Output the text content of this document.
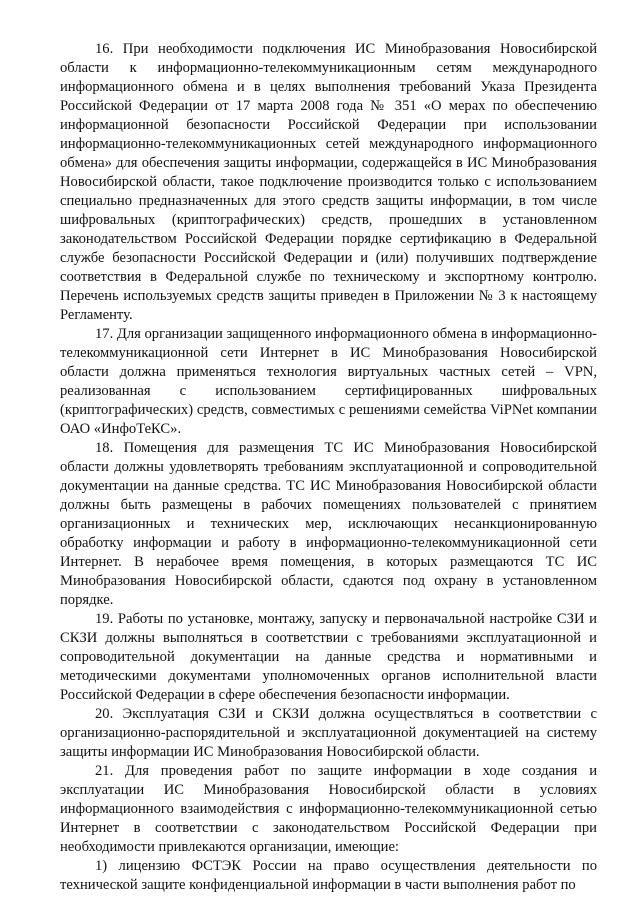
16. При необходимости подключения ИС Минобразования Новосибирской области к информационно-телекоммуникационным сетям международного информационного обмена и в целях выполнения требований Указа Президента Российской Федерации от 17 марта 2008 года № 351 «О мерах по обеспечению информационной безопасности Российской Федерации при использовании информационно-телекоммуникационных сетей международного информационного обмена» для обеспечения защиты информации, содержащейся в ИС Минобразования Новосибирской области, такое подключение производится только с использованием специально предназначенных для этого средств защиты информации, в том числе шифровальных (криптографических) средств, прошедших в установленном законодательством Российской Федерации порядке сертификацию в Федеральной службе безопасности Российской Федерации и (или) получивших подтверждение соответствия в Федеральной службе по техническому и экспортному контролю. Перечень используемых средств защиты приведен в Приложении № 3 к настоящему Регламенту.

17. Для организации защищенного информационного обмена в информационно-телекоммуникационной сети Интернет в ИС Минобразования Новосибирской области должна применяться технология виртуальных частных сетей – VPN, реализованная с использованием сертифицированных шифровальных (криптографических) средств, совместимых с решениями семейства ViPNet компании ОАО «ИнфоТеКС».

18. Помещения для размещения ТС ИС Минобразования Новосибирской области должны удовлетворять требованиям эксплуатационной и сопроводительной документации на данные средства. ТС ИС Минобразования Новосибирской области должны быть размещены в рабочих помещениях пользователей с принятием организационных и технических мер, исключающих несанкционированную обработку информации и работу в информационно-телекоммуникационной сети Интернет. В нерабочее время помещения, в которых размещаются ТС ИС Минобразования Новосибирской области, сдаются под охрану в установленном порядке.

19. Работы по установке, монтажу, запуску и первоначальной настройке СЗИ и СКЗИ должны выполняться в соответствии с требованиями эксплуатационной и сопроводительной документации на данные средства и нормативными и методическими документами уполномоченных органов исполнительной власти Российской Федерации в сфере обеспечения безопасности информации.

20. Эксплуатация СЗИ и СКЗИ должна осуществляться в соответствии с организационно-распорядительной и эксплуатационной документацией на систему защиты информации ИС Минобразования Новосибирской области.

21. Для проведения работ по защите информации в ходе создания и эксплуатации ИС Минобразования Новосибирской области в условиях информационного взаимодействия с информационно-телекоммуникационной сетью Интернет в соответствии с законодательством Российской Федерации при необходимости привлекаются организации, имеющие:

1) лицензию ФСТЭК России на право осуществления деятельности по технической защите конфиденциальной информации в части выполнения работ по
